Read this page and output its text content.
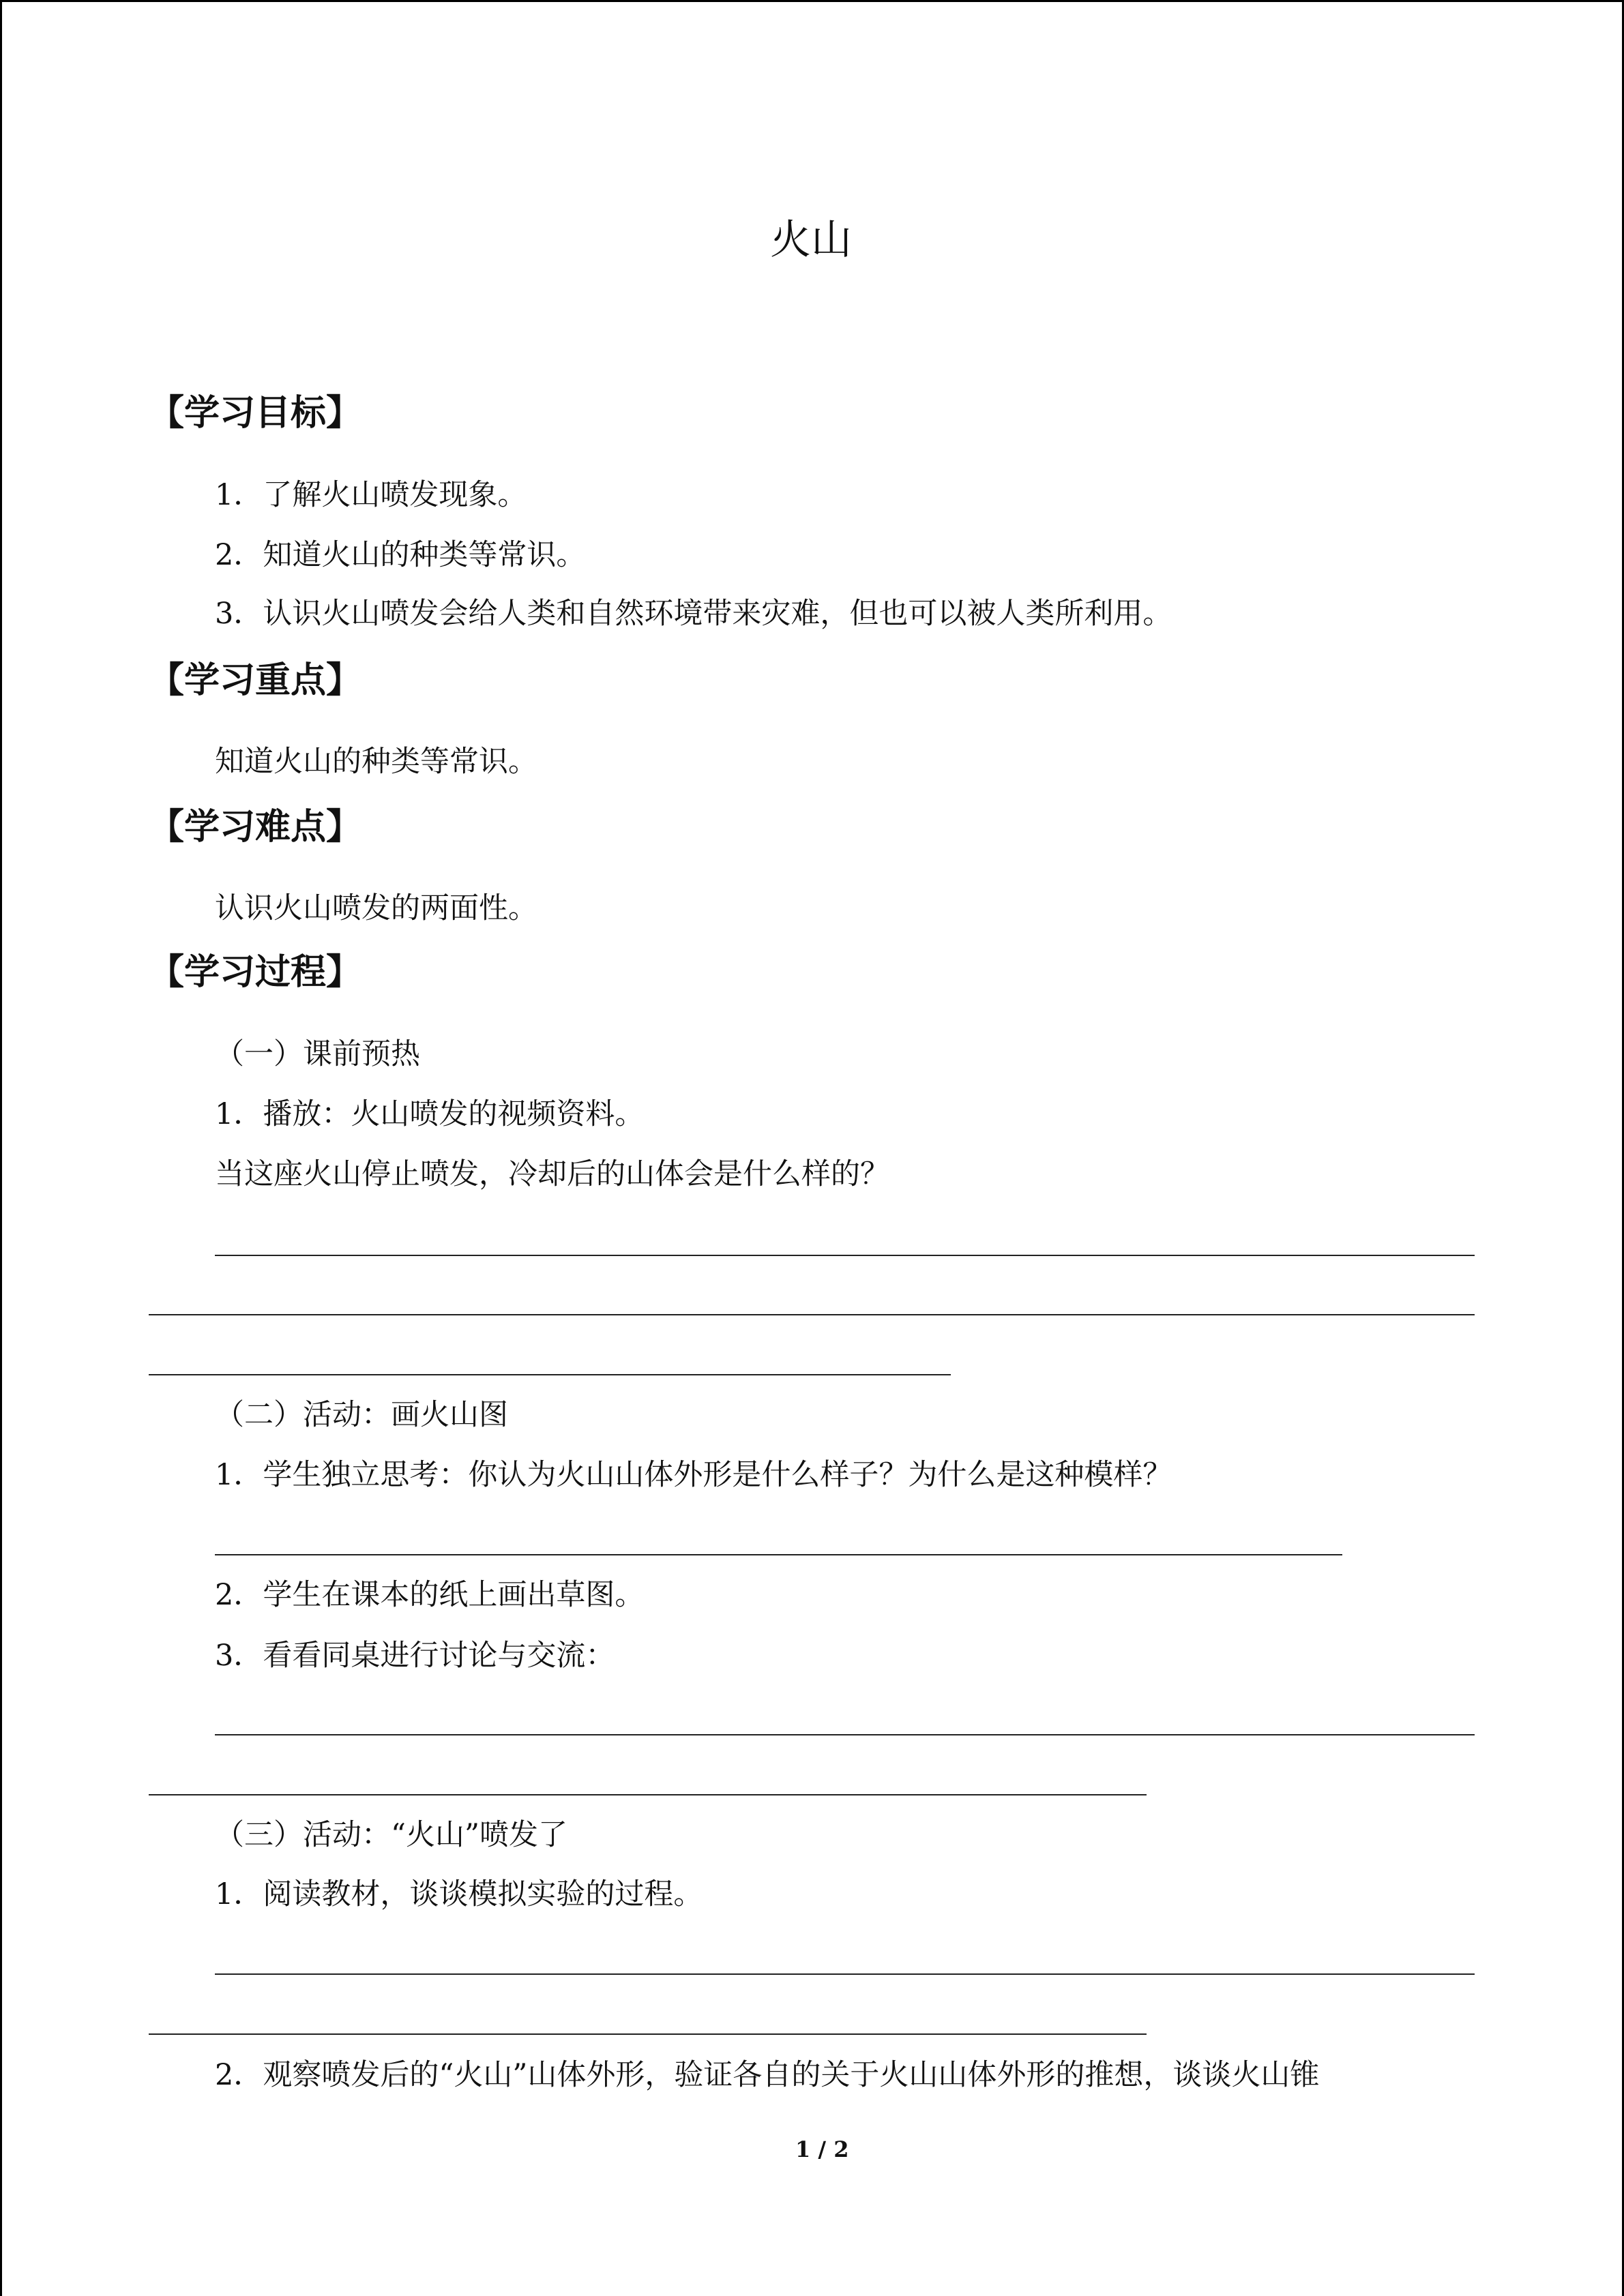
火山
【学习目标】
1．了解火山喷发现象。
2．知道火山的种类等常识。
3．认识火山喷发会给人类和自然环境带来灾难，但也可以被人类所利用。
【学习重点】
知道火山的种类等常识。
【学习难点】
认识火山喷发的两面性。
【学习过程】
（一）课前预热
1．播放：火山喷发的视频资料。
当这座火山停止喷发，冷却后的山体会是什么样的？
（二）活动：画火山图
1．学生独立思考：你认为火山山体外形是什么样子？为什么是这种模样？
2．学生在课本的纸上画出草图。
3．看看同桌进行讨论与交流：
（三）活动：“火山”喷发了
1．阅读教材，谈谈模拟实验的过程。
2．观察喷发后的“火山”山体外形，验证各自的关于火山山体外形的推想，谈谈火山锥
1 / 2
